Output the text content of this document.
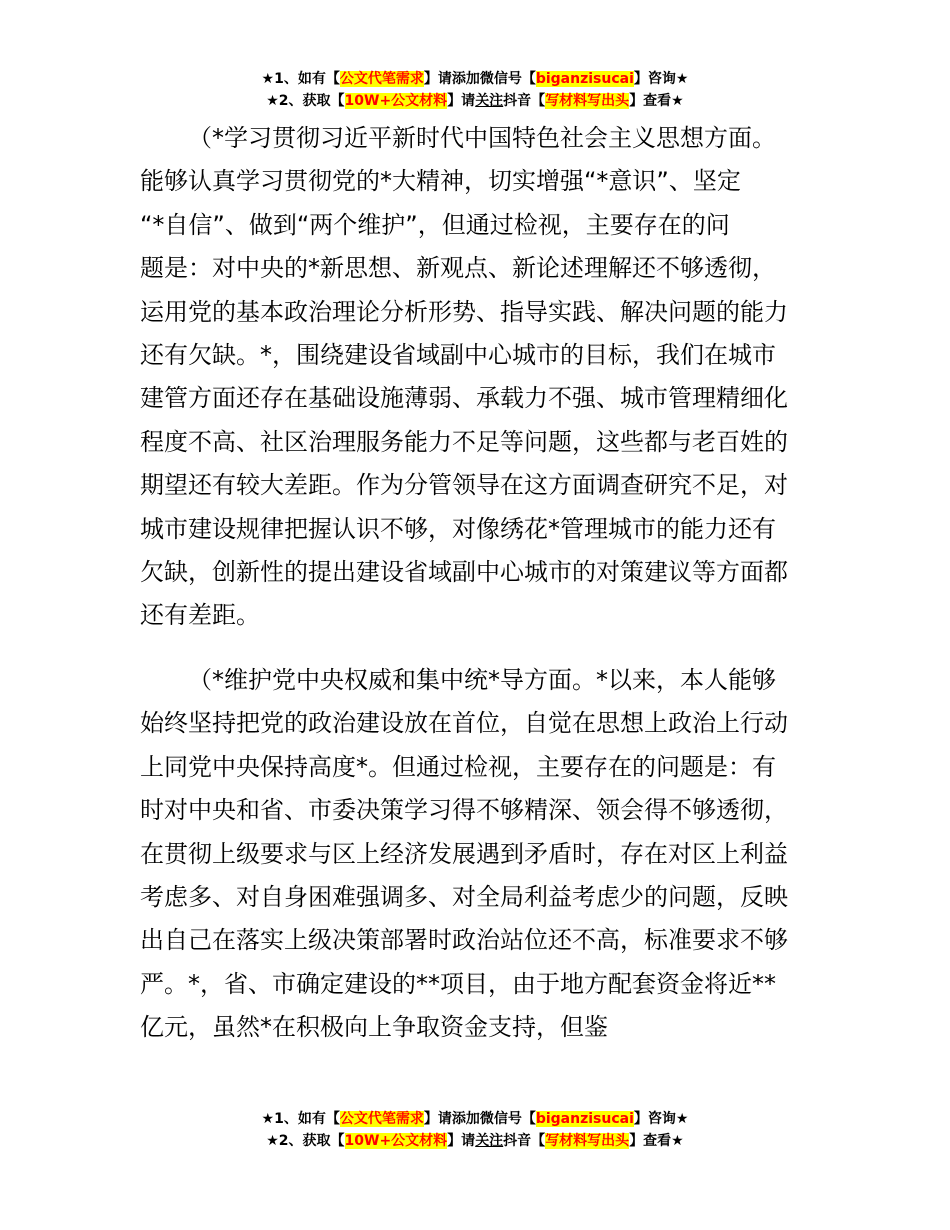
★1、如有【公文代笔需求】请添加微信号【biganzisucai】咨询★
★2、获取【10W+公文材料】请关注抖音【写材料写出头】查看★

（*学习贯彻习近平新时代中国特色社会主义思想方面。
能够认真学习贯彻党的*大精神，切实增强“*意识”、坚定
“*自信”、做到“两个维护”，但通过检视，主要存在的问
题是：对中央的*新思想、新观点、新论述理解还不够透彻，
运用党的基本政治理论分析形势、指导实践、解决问题的能力
还有欠缺。*，围绕建设省域副中心城市的目标，我们在城市
建管方面还存在基础设施薄弱、承载力不强、城市管理精细化
程度不高、社区治理服务能力不足等问题，这些都与老百姓的
期望还有较大差距。作为分管领导在这方面调查研究不足，对
城市建设规律把握认识不够，对像绣花*管理城市的能力还有
欠缺，创新性的提出建设省域副中心城市的对策建议等方面都
还有差距。

（*维护党中央权威和集中统*导方面。*以来，本人能够
始终坚持把党的政治建设放在首位，自觉在思想上政治上行动
上同党中央保持高度*。但通过检视，主要存在的问题是：有
时对中央和省、市委决策学习得不够精深、领会得不够透彻，
在贯彻上级要求与区上经济发展遇到矛盾时，存在对区上利益
考虑多、对自身困难强调多、对全局利益考虑少的问题，反映
出自己在落实上级决策部署时政治站位还不高，标准要求不够
严。*，省、市确定建设的**项目，由于地方配套资金将近**
亿元，虽然*在积极向上争取资金支持，但鉴

★1、如有【公文代笔需求】请添加微信号【biganzisucai】咨询★
★2、获取【10W+公文材料】请关注抖音【写材料写出头】查看★
